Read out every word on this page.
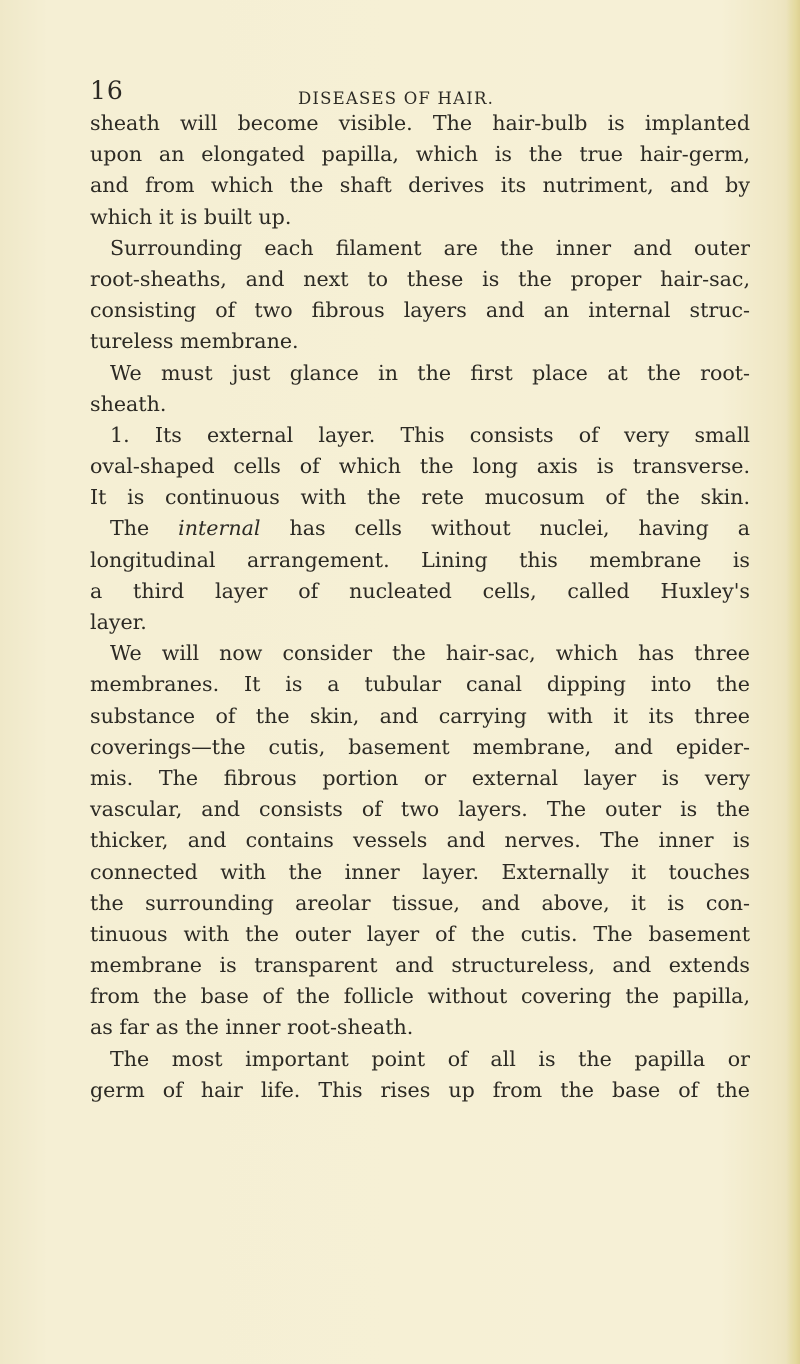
16	DISEASES OF HAIR.
sheath will become visible. The hair-bulb is implanted
upon an elongated papilla, which is the true hair-germ,
and from which the shaft derives its nutriment, and by
which it is built up.
Surrounding each filament are the inner and outer
root-sheaths, and next to these is the proper hair-sac,
consisting of two fibrous layers and an internal struc-
tureless membrane.
We must just glance in the first place at the root-
sheath.
1. Its external layer. This consists of very small
oval-shaped cells of which the long axis is transverse.
It is continuous with the rete mucosum of the skin.
The internal has cells without nuclei, having a
longitudinal arrangement. Lining this membrane is
a third layer of nucleated cells, called Huxley's
layer.
We will now consider the hair-sac, which has three
membranes. It is a tubular canal dipping into the
substance of the skin, and carrying with it its three
coverings—the cutis, basement membrane, and epider-
mis. The fibrous portion or external layer is very
vascular, and consists of two layers. The outer is the
thicker, and contains vessels and nerves. The inner is
connected with the inner layer. Externally it touches
the surrounding areolar tissue, and above, it is con-
tinuous with the outer layer of the cutis. The basement
membrane is transparent and structureless, and extends
from the base of the follicle without covering the papilla,
as far as the inner root-sheath.
The most important point of all is the papilla or
germ of hair life. This rises up from the base of the
